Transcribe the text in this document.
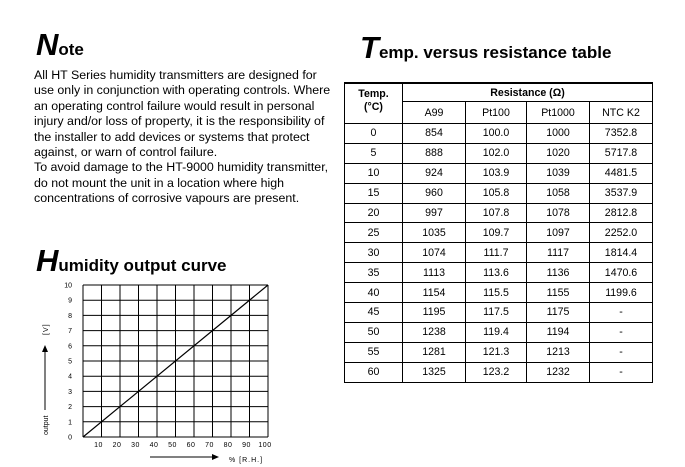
Note

All HT Series humidity transmitters are designed for use only in conjunction with operating controls. Where an operating control failure would result in personal injury and/or loss of property, it is the responsibility of the installer to add devices or systems that protect against, or warn of control failure.

To avoid damage to the HT-9000 humidity transmitter, do not mount the unit in a location where high concentrations of corrosive vapours are present.

Humidity output curve
Temp. versus resistance table
Temp.
(°C)	Resistance (Ω)			
	A99	Pt100	Pt1000	NTC K2
0	854	100.0	1000	7352.8
5	888	102.0	1020	5717.8
10	924	103.9	1039	4481.5
15	960	105.8	1058	3537.9
20	997	107.8	1078	2812.8
25	1035	109.7	1097	2252.0
30	1074	111.7	1117	1814.4
35	1113	113.6	1136	1470.6
40	1154	115.5	1155	1199.6
45	1195	117.5	1175	-
50	1238	119.4	1194	-
55	1281	121.3	1213	-
60	1325	123.2	1232	-
0
1
2
3
4
5
6
7
8
9
10
10 20 30 40 50 60 70 80 90 100
% [R.H.]
[V]
output
